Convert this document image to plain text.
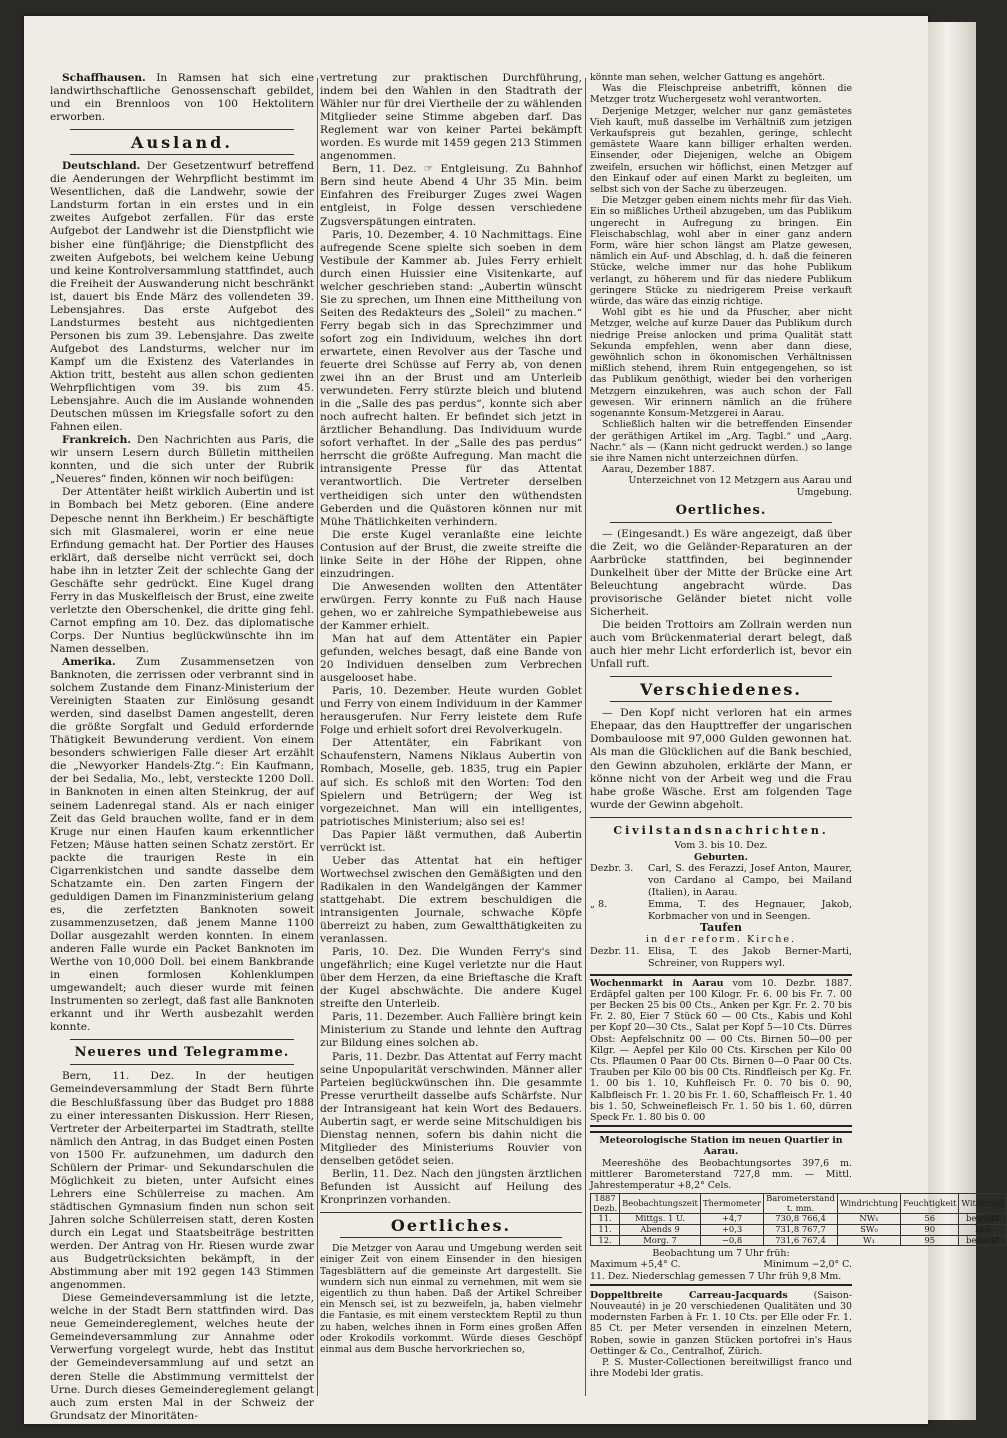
Schaffhausen. In Ramsen hat sich eine landwirthschaftliche Genossenschaft gebildet, und ein Brennloos von 100 Hektolitern erworben.

Ausland.

Deutschland. Der Gesetzentwurf betreffend die Aenderungen der Wehrpflicht bestimmt im Wesentlichen, daß die Landwehr, sowie der Landsturm fortan in ein erstes und in ein zweites Aufgebot zerfallen. Für das erste Aufgebot der Landwehr ist die Dienstpflicht wie bisher eine fünfjährige; die Dienstpflicht des zweiten Aufgebots, bei welchem keine Uebung und keine Kontrolversammlung stattfindet, auch die Freiheit der Auswanderung nicht beschränkt ist, dauert bis Ende März des vollendeten 39. Lebensjahres. Das erste Aufgebot des Landsturmes besteht aus nichtgedienten Personen bis zum 39. Lebensjahre. Das zweite Aufgebot des Landsturms, welcher nur im Kampf um die Existenz des Vaterlandes in Aktion tritt, besteht aus allen schon gedienten Wehrpflichtigen vom 39. bis zum 45. Lebensjahre. Auch die im Auslande wohnenden Deutschen müssen im Kriegsfalle sofort zu den Fahnen eilen.

Frankreich. Den Nachrichten aus Paris, die wir unsern Lesern durch Bülletin mittheilen konnten, und die sich unter der Rubrik „Neueres“ finden, können wir noch beifügen:

Der Attentäter heißt wirklich Aubertin und ist in Bombach bei Metz geboren. (Eine andere Depesche nennt ihn Berkheim.) Er beschäftigte sich mit Glasmalerei, worin er eine neue Erfindung gemacht hat. Der Portier des Hauses erklärt, daß derselbe nicht verrückt sei, doch habe ihn in letzter Zeit der schlechte Gang der Geschäfte sehr gedrückt. Eine Kugel drang Ferry in das Muskelfleisch der Brust, eine zweite verletzte den Oberschenkel, die dritte ging fehl. Carnot empfing am 10. Dez. das diplomatische Corps. Der Nuntius beglückwünschte ihn im Namen desselben.

Amerika. Zum Zusammensetzen von Banknoten, die zerrissen oder verbrannt sind in solchem Zustande dem Finanz-Ministerium der Vereinigten Staaten zur Einlösung gesandt werden, sind daselbst Damen angestellt, deren die größte Sorgfalt und Geduld erfordernde Thätigkeit Bewunderung verdient. Von einem besonders schwierigen Falle dieser Art erzählt die „Newyorker Handels-Ztg.“: Ein Kaufmann, der bei Sedalia, Mo., lebt, versteckte 1200 Doll. in Banknoten in einen alten Steinkrug, der auf seinem Ladenregal stand. Als er nach einiger Zeit das Geld brauchen wollte, fand er in dem Kruge nur einen Haufen kaum erkenntlicher Fetzen; Mäuse hatten seinen Schatz zerstört. Er packte die traurigen Reste in ein Cigarrenkistchen und sandte dasselbe dem Schatzamte ein. Den zarten Fingern der geduldigen Damen im Finanzministerium gelang es, die zerfetzten Banknoten soweit zusammenzusetzen, daß jenem Manne 1100 Dollar ausgezahlt werden konnten. In einem anderen Falle wurde ein Packet Banknoten im Werthe von 10,000 Doll. bei einem Bankbrande in einen formlosen Kohlenklumpen umgewandelt; auch dieser wurde mit feinen Instrumenten so zerlegt, daß fast alle Banknoten erkannt und ihr Werth ausbezahlt werden konnte.

Neueres und Telegramme.

Bern, 11. Dez. In der heutigen Gemeindeversammlung der Stadt Bern führte die Beschlußfassung über das Budget pro 1888 zu einer interessanten Diskussion. Herr Riesen, Vertreter der Arbeiterpartei im Stadtrath, stellte nämlich den Antrag, in das Budget einen Posten von 1500 Fr. aufzunehmen, um dadurch den Schülern der Primar- und Sekundarschulen die Möglichkeit zu bieten, unter Aufsicht eines Lehrers eine Schülerreise zu machen. Am städtischen Gymnasium finden nun schon seit Jahren solche Schülerreisen statt, deren Kosten durch ein Legat und Staatsbeiträge bestritten werden. Der Antrag von Hr. Riesen wurde zwar aus Budgetrücksichten bekämpft, in der Abstimmung aber mit 192 gegen 143 Stimmen angenommen.

Diese Gemeindeversammlung ist die letzte, welche in der Stadt Bern stattfinden wird. Das neue Gemeindereglement, welches heute der Gemeindeversammlung zur Annahme oder Verwerfung vorgelegt wurde, hebt das Institut der Gemeindeversammlung auf und setzt an deren Stelle die Abstimmung vermittelst der Urne. Durch dieses Gemeindereglement gelangt auch zum ersten Mal in der Schweiz der Grundsatz der Minoritäten-

vertretung zur praktischen Durchführung, indem bei den Wahlen in den Stadtrath der Wähler nur für drei Viertheile der zu wählenden Mitglieder seine Stimme abgeben darf. Das Reglement war von keiner Partei bekämpft worden. Es wurde mit 1459 gegen 213 Stimmen angenommen.

Bern, 11. Dez. ☞ Entgleisung. Zu Bahnhof Bern sind heute Abend 4 Uhr 35 Min. beim Einfahren des Freiburger Zuges zwei Wagen entgleist, in Folge dessen verschiedene Zugsverspätungen eintraten.

Paris, 10. Dezember, 4. 10 Nachmittags. Eine aufregende Scene spielte sich soeben in dem Vestibule der Kammer ab. Jules Ferry erhielt durch einen Huissier eine Visitenkarte, auf welcher geschrieben stand: „Aubertin wünscht Sie zu sprechen, um Ihnen eine Mittheilung von Seiten des Redakteurs des „Soleil“ zu machen.“ Ferry begab sich in das Sprechzimmer und sofort zog ein Individuum, welches ihn dort erwartete, einen Revolver aus der Tasche und feuerte drei Schüsse auf Ferry ab, von denen zwei ihn an der Brust und am Unterleib verwundeten. Ferry stürzte bleich und blutend in die „Salle des pas perdus“, konnte sich aber noch aufrecht halten. Er befindet sich jetzt in ärztlicher Behandlung. Das Individuum wurde sofort verhaftet. In der „Salle des pas perdus“ herrscht die größte Aufregung. Man macht die intransigente Presse für das Attentat verantwortlich. Die Vertreter derselben vertheidigen sich unter den wüthendsten Geberden und die Quästoren können nur mit Mühe Thätlichkeiten verhindern.

Die erste Kugel veranlaßte eine leichte Contusion auf der Brust, die zweite streifte die linke Seite in der Höhe der Rippen, ohne einzudringen.

Die Anwesenden wollten den Attentäter erwürgen. Ferry konnte zu Fuß nach Hause gehen, wo er zahlreiche Sympathiebeweise aus der Kammer erhielt.

Man hat auf dem Attentäter ein Papier gefunden, welches besagt, daß eine Bande von 20 Individuen denselben zum Verbrechen ausgelooset habe.

Paris, 10. Dezember. Heute wurden Goblet und Ferry von einem Individuum in der Kammer herausgerufen. Nur Ferry leistete dem Rufe Folge und erhielt sofort drei Revolverkugeln.

Der Attentäter, ein Fabrikant von Schaufenstern, Namens Niklaus Aubertin von Rombach, Moselle, geb. 1835, trug ein Papier auf sich. Es schloß mit den Worten: Tod den Spielern und Betrügern; der Weg ist vorgezeichnet. Man will ein intelligentes, patriotisches Ministerium; also sei es!

Das Papier läßt vermuthen, daß Aubertin verrückt ist.

Ueber das Attentat hat ein heftiger Wortwechsel zwischen den Gemäßigten und den Radikalen in den Wandelgängen der Kammer stattgehabt. Die extrem beschuldigen die intransigenten Journale, schwache Köpfe überreizt zu haben, zum Gewaltthätigkeiten zu veranlassen.

Paris, 10. Dez. Die Wunden Ferry's sind ungefährlich; eine Kugel verletzte nur die Haut über dem Herzen, da eine Brieftasche die Kraft der Kugel abschwächte. Die andere Kugel streifte den Unterleib.

Paris, 11. Dezember. Auch Fallière bringt kein Ministerium zu Stande und lehnte den Auftrag zur Bildung eines solchen ab.

Paris, 11. Dezbr. Das Attentat auf Ferry macht seine Unpopularität verschwinden. Männer aller Parteien beglückwünschen ihn. Die gesammte Presse verurtheilt dasselbe aufs Schärfste. Nur der Intransigeant hat kein Wort des Bedauers. Aubertin sagt, er werde seine Mitschuldigen bis Dienstag nennen, sofern bis dahin nicht die Mitglieder des Ministeriums Rouvier von denselben getödet seien.

Berlin, 11. Dez. Nach den jüngsten ärztlichen Befunden ist Aussicht auf Heilung des Kronprinzen vorhanden.

Oertliches.

Die Metzger von Aarau und Umgebung werden seit einiger Zeit von einem Einsender in den hiesigen Tagesblättern auf die gemeinste Art dargestellt. Sie wundern sich nun einmal zu vernehmen, mit wem sie eigentlich zu thun haben. Daß der Artikel Schreiber ein Mensch sei, ist zu bezweifeln, ja, haben vielmehr die Fantasie, es mit einem verstecktem Reptil zu thun zu haben, welches ihnen in Form eines großen Affen oder Krokodils vorkommt. Würde dieses Geschöpf einmal aus dem Busche hervorkriechen so,

könnte man sehen, welcher Gattung es angehört.

Was die Fleischpreise anbetrifft, können die Metzger trotz Wuchergesetz wohl verantworten.

Derjenige Metzger, welcher nur ganz gemästetes Vieh kauft, muß dasselbe im Verhältniß zum jetzigen Verkaufspreis gut bezahlen, geringe, schlecht gemästete Waare kann billiger erhalten werden. Einsender, oder Diejenigen, welche an Obigem zweifeln, ersuchen wir höflichst, einen Metzger auf den Einkauf oder auf einen Markt zu begleiten, um selbst sich von der Sache zu überzeugen.

Die Metzger geben einem nichts mehr für das Vieh. Ein so mißliches Urtheil abzugeben, um das Publikum ungerecht in Aufregung zu bringen. Ein Fleischabschlag, wohl aber in einer ganz andern Form, wäre hier schon längst am Platze gewesen, nämlich ein Auf- und Abschlag, d. h. daß die feineren Stücke, welche immer nur das hohe Publikum verlangt, zu höherem und für das niedere Publikum geringere Stücke zu niedrigerem Preise verkauft würde, das wäre das einzig richtige.

Wohl gibt es hie und da Pfuscher, aber nicht Metzger, welche auf kurze Dauer das Publikum durch niedrige Preise anlocken und prima Qualität statt Sekunda empfehlen, wenn aber dann diese, gewöhnlich schon in ökonomischen Verhältnissen mißlich stehend, ihrem Ruin entgegengehen, so ist das Publikum genöthigt, wieder bei den vorherigen Metzgern einzukehren, was auch schon der Fall gewesen. Wir erinnern nämlich an die frühere sogenannte Konsum-Metzgerei in Aarau.

Schließlich halten wir die betreffenden Einsender der geräthigen Artikel im „Arg. Tagbl.“ und „Aarg. Nachr.“ als — (Kann nicht gedruckt werden.) so lange sie ihre Namen nicht unterzeichnen dürfen.

Aarau, Dezember 1887.

Unterzeichnet von 12 Metzgern aus Aarau und Umgebung.

Oertliches.

— (Eingesandt.) Es wäre angezeigt, daß über die Zeit, wo die Geländer-Reparaturen an der Aarbrücke stattfinden, bei beginnender Dunkelheit über der Mitte der Brücke eine Art Beleuchtung angebracht würde. Das provisorische Geländer bietet nicht volle Sicherheit.

Die beiden Trottoirs am Zollrain werden nun auch vom Brückenmaterial derart belegt, daß auch hier mehr Licht erforderlich ist, bevor ein Unfall ruft.

Verschiedenes.

— Den Kopf nicht verloren hat ein armes Ehepaar, das den Haupttreffer der ungarischen Dombauloose mit 97,000 Gulden gewonnen hat. Als man die Glücklichen auf die Bank beschied, den Gewinn abzuholen, erklärte der Mann, er könne nicht von der Arbeit weg und die Frau habe große Wäsche. Erst am folgenden Tage wurde der Gewinn abgeholt.

Civilstandsnachrichten.
Vom 3. bis 10. Dez.
Geburten.
Dezbr. 3.	Carl, S. des Ferazzi, Josef Anton, Maurer, von Cardano al Campo, bei Mailand (Italien), in Aarau.
„ 8.	Emma, T. des Hegnauer, Jakob, Korbmacher von und in Seengen.
Taufen
in der reform. Kirche.
Dezbr. 11. Elisa, T. des Jakob Berner-Marti, Schreiner, von Ruppers wyl.

Wochenmarkt in Aarau vom 10. Dezbr. 1887. Erdäpfel galten per 100 Kilogr. Fr. 6. 00 bis Fr. 7. 00 per Becken 25 bis 00 Cts., Anken per Kgr. Fr. 2. 70 bis Fr. 2. 80, Eier 7 Stück 60 — 00 Cts., Kabis und Kohl per Kopf 20—30 Cts., Salat per Kopf 5—10 Cts. Dürres Obst: Aepfelschnitz 00 — 00 Cts. Birnen 50—00 per Kilgr. — Aepfel per Kilo 00 Cts. Kirschen per Kilo 00 Cts. Pflaumen 0 Paar 00 Cts. Birnen 0—0 Paar 00 Cts. Trauben per Kilo 00 bis 00 Cts. Rindfleisch per Kg. Fr. 1. 00 bis 1. 10, Kuhfleisch Fr. 0. 70 bis 0. 90, Kalbfleisch Fr. 1. 20 bis Fr. 1. 60, Schaffleisch Fr. 1. 40 bis 1. 50, Schweinefleisch Fr. 1. 50 bis 1. 60, dürren Speck Fr. 1. 80 bis 0. 00

Meteorologische Station im neuen Quartier in Aarau.

Meereshöhe des Beobachtungsortes 397,6 m. mittlerer Barometerstand 727,8 mm. — Mittl. Jahrestemperatur +8,2° Cels.

1887 Dezb.	Beobachtungszeit	Thermometer	Barometerstand t. mm.	Windrichtung	Feuchtigkeit	Witterung
11.	Mittgs. 1 U.	+4,7	730,8 766,4	NW₁	56	bewölkt
11.	Abends 9	+0,3	731,8 767,7	SW₀	90	hell
12.	Morg. 7	−0,8	731,6 767,4	W₁	95	bedeckt

Beobachtung um 7 Uhr früh:

Maximum +5,4° C.	Minimum −2,0° C.

11. Dez. Niederschlag gemessen 7 Uhr früh 9,8 Mm.

Doppeltbreite Carreau-Jacquards	(Saison-Nouveauté) in je 20 verschiedenen Qualitäten und 30 modernsten Farben à Fr. 1. 10 Cts. per Elle oder Fr. 1. 85 Ct. per Meter versenden in einzelnen Metern, Roben, sowie in ganzen Stücken portofrei in's Haus Oettinger & Co., Centralhof, Zürich.

P. S. Muster-Collectionen bereitwilligst franco und ihre Modebi lder gratis.
